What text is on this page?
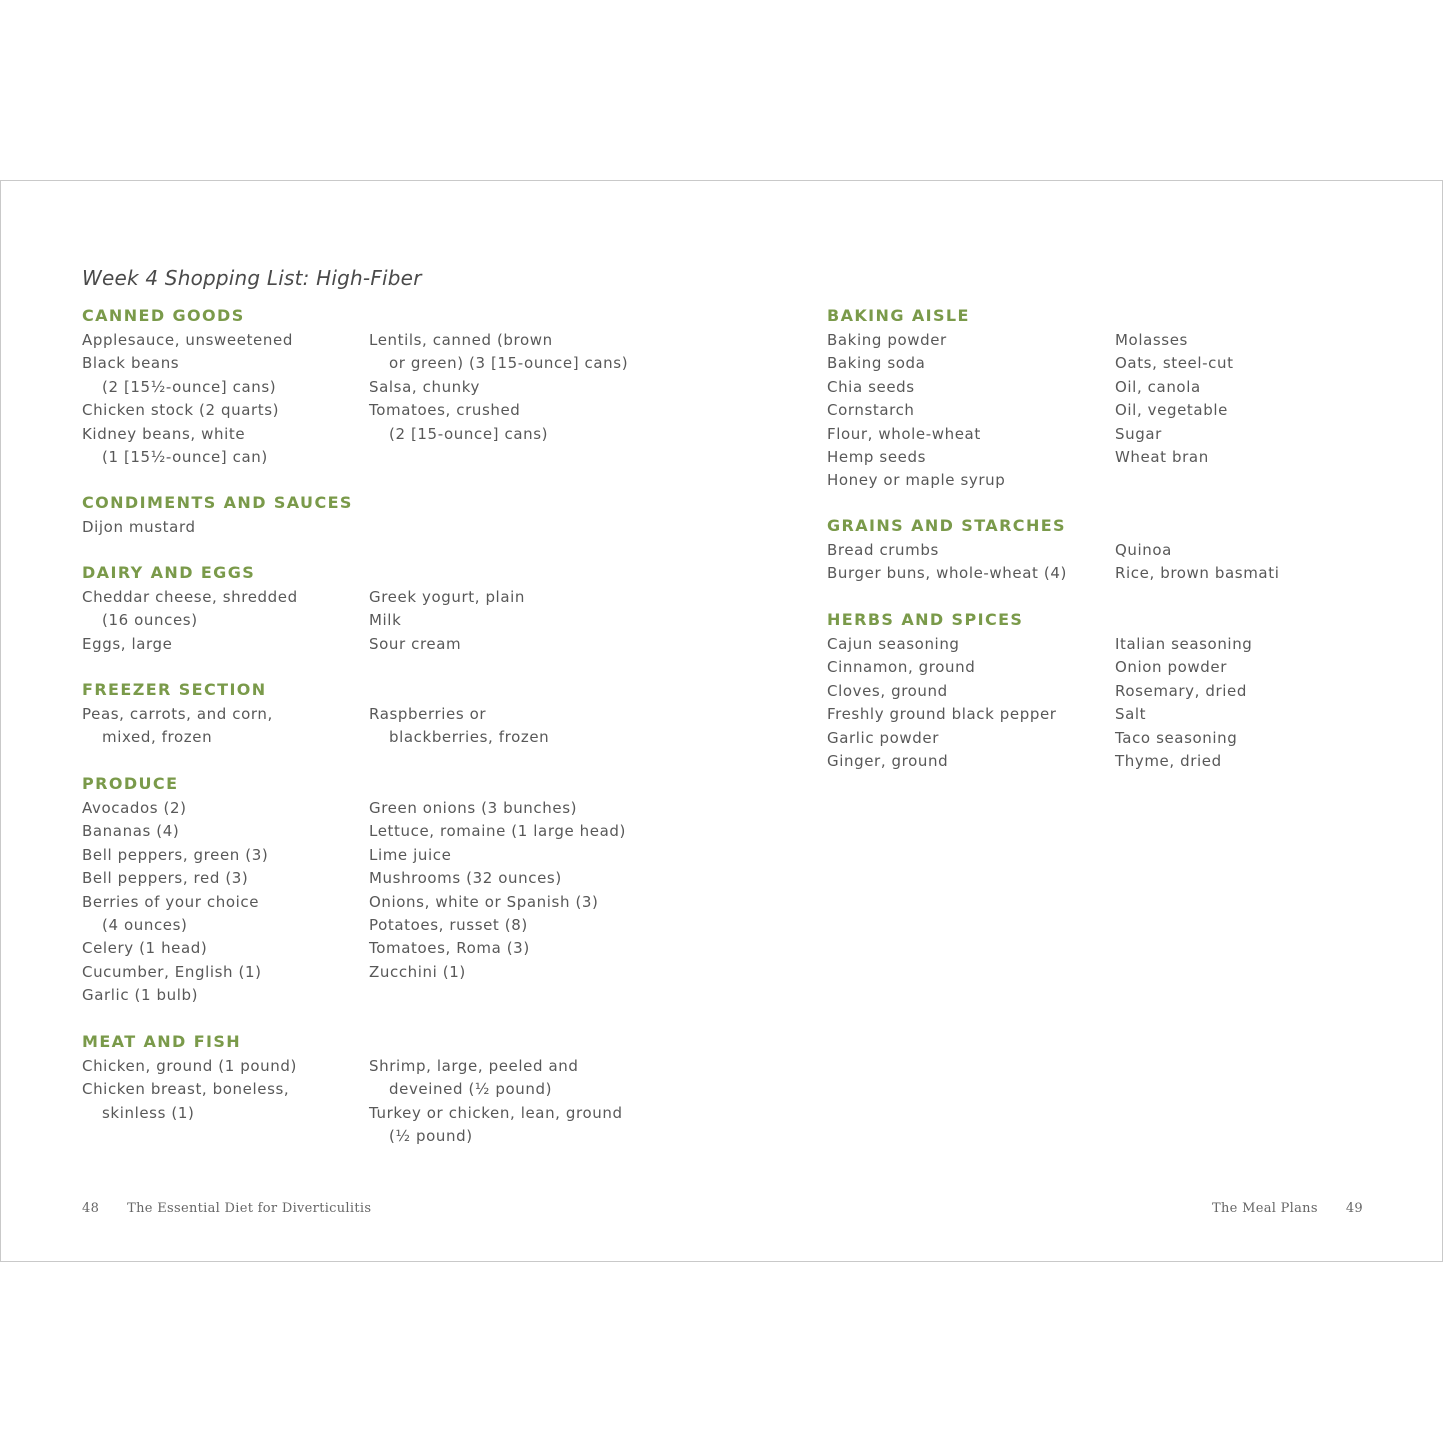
Week 4 Shopping List: High-Fiber
CANNED GOODS
Applesauce, unsweetened
Black beans
(2 [15½-ounce] cans)
Chicken stock (2 quarts)
Kidney beans, white
(1 [15½-ounce] can)
Lentils, canned (brown
or green) (3 [15-ounce] cans)
Salsa, chunky
Tomatoes, crushed
(2 [15-ounce] cans)
CONDIMENTS AND SAUCES
Dijon mustard
DAIRY AND EGGS
Cheddar cheese, shredded
(16 ounces)
Eggs, large
Greek yogurt, plain
Milk
Sour cream
FREEZER SECTION
Peas, carrots, and corn,
mixed, frozen
Raspberries or
blackberries, frozen
PRODUCE
Avocados (2)
Bananas (4)
Bell peppers, green (3)
Bell peppers, red (3)
Berries of your choice
(4 ounces)
Celery (1 head)
Cucumber, English (1)
Garlic (1 bulb)
Green onions (3 bunches)
Lettuce, romaine (1 large head)
Lime juice
Mushrooms (32 ounces)
Onions, white or Spanish (3)
Potatoes, russet (8)
Tomatoes, Roma (3)
Zucchini (1)
MEAT AND FISH
Chicken, ground (1 pound)
Chicken breast, boneless,
skinless (1)
Shrimp, large, peeled and
deveined (½ pound)
Turkey or chicken, lean, ground
(½ pound)
BAKING AISLE
Baking powder
Baking soda
Chia seeds
Cornstarch
Flour, whole-wheat
Hemp seeds
Honey or maple syrup
Molasses
Oats, steel-cut
Oil, canola
Oil, vegetable
Sugar
Wheat bran
GRAINS AND STARCHES
Bread crumbs
Burger buns, whole-wheat (4)
Quinoa
Rice, brown basmati
HERBS AND SPICES
Cajun seasoning
Cinnamon, ground
Cloves, ground
Freshly ground black pepper
Garlic powder
Ginger, ground
Italian seasoning
Onion powder
Rosemary, dried
Salt
Taco seasoning
Thyme, dried
48 The Essential Diet for Diverticulitis	The Meal Plans 49
